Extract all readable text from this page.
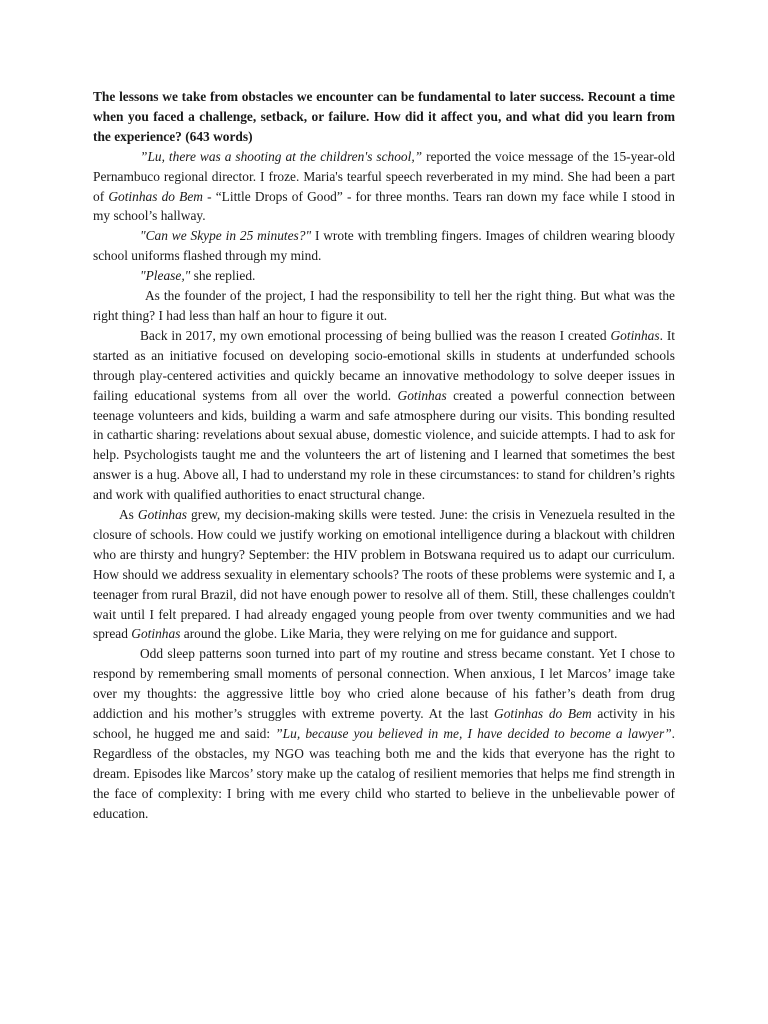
The lessons we take from obstacles we encounter can be fundamental to later success. Recount a time when you faced a challenge, setback, or failure. How did it affect you, and what did you learn from the experience? (643 words)

”Lu, there was a shooting at the children's school,” reported the voice message of the 15-year-old Pernambuco regional director. I froze. Maria's tearful speech reverberated in my mind. She had been a part of Gotinhas do Bem - “Little Drops of Good” - for three months. Tears ran down my face while I stood in my school’s hallway.

"Can we Skype in 25 minutes?" I wrote with trembling fingers. Images of children wearing bloody school uniforms flashed through my mind.

"Please," she replied.

As the founder of the project, I had the responsibility to tell her the right thing. But what was the right thing? I had less than half an hour to figure it out.

Back in 2017, my own emotional processing of being bullied was the reason I created Gotinhas. It started as an initiative focused on developing socio-emotional skills in students at underfunded schools through play-centered activities and quickly became an innovative methodology to solve deeper issues in failing educational systems from all over the world. Gotinhas created a powerful connection between teenage volunteers and kids, building a warm and safe atmosphere during our visits. This bonding resulted in cathartic sharing: revelations about sexual abuse, domestic violence, and suicide attempts. I had to ask for help. Psychologists taught me and the volunteers the art of listening and I learned that sometimes the best answer is a hug. Above all, I had to understand my role in these circumstances: to stand for children’s rights and work with qualified authorities to enact structural change.

As Gotinhas grew, my decision-making skills were tested. June: the crisis in Venezuela resulted in the closure of schools. How could we justify working on emotional intelligence during a blackout with children who are thirsty and hungry? September: the HIV problem in Botswana required us to adapt our curriculum. How should we address sexuality in elementary schools? The roots of these problems were systemic and I, a teenager from rural Brazil, did not have enough power to resolve all of them. Still, these challenges couldn't wait until I felt prepared. I had already engaged young people from over twenty communities and we had spread Gotinhas around the globe. Like Maria, they were relying on me for guidance and support.

Odd sleep patterns soon turned into part of my routine and stress became constant. Yet I chose to respond by remembering small moments of personal connection. When anxious, I let Marcos’ image take over my thoughts: the aggressive little boy who cried alone because of his father’s death from drug addiction and his mother’s struggles with extreme poverty. At the last Gotinhas do Bem activity in his school, he hugged me and said: ”Lu, because you believed in me, I have decided to become a lawyer”. Regardless of the obstacles, my NGO was teaching both me and the kids that everyone has the right to dream. Episodes like Marcos’ story make up the catalog of resilient memories that helps me find strength in the face of complexity: I bring with me every child who started to believe in the unbelievable power of education.
